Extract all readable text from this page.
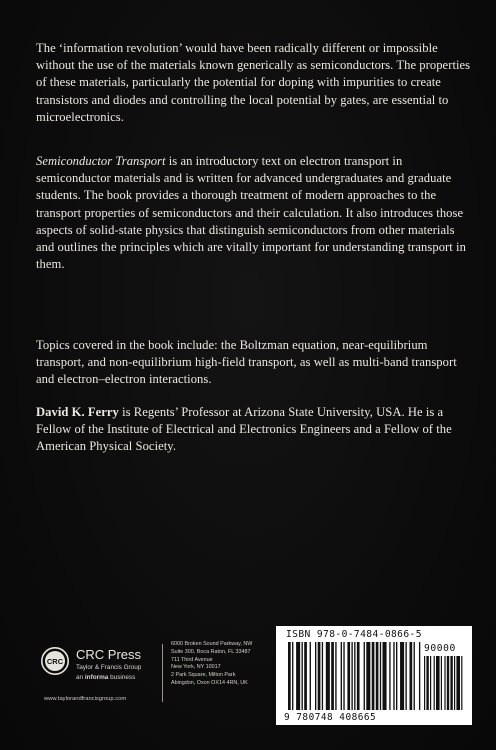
The ‘information revolution’ would have been radically different or impossible without the use of the materials known generically as semiconductors. The properties of these materials, particularly the potential for doping with impurities to create transistors and diodes and controlling the local potential by gates, are essential to microelectronics.
Semiconductor Transport is an introductory text on electron transport in semiconductor materials and is written for advanced undergraduates and graduate students. The book provides a thorough treatment of modern approaches to the transport properties of semiconductors and their calculation. It also introduces those aspects of solid-state physics that distinguish semiconductors from other materials and outlines the principles which are vitally important for understanding transport in them.
Topics covered in the book include: the Boltzman equation, near-equilibrium transport, and non-equilibrium high-field transport, as well as multi-band transport and electron–electron interactions.
David K. Ferry is Regents’ Professor at Arizona State University, USA. He is a Fellow of the Institute of Electrical and Electronics Engineers and a Fellow of the American Physical Society.
CRC CRC Press
Taylor & Francis Group
an informa business
www.taylorandfrancisgroup.com
6000 Broken Sound Parkway, NW
Suite 300, Boca Raton, FL 33487
711 Third Avenue
New York, NY 10017
2 Park Square, Milton Park
Abingdon, Oxon OX14 4RN, UK
ISBN 978-0-7484-0866-5
90000
9 780748 408665
